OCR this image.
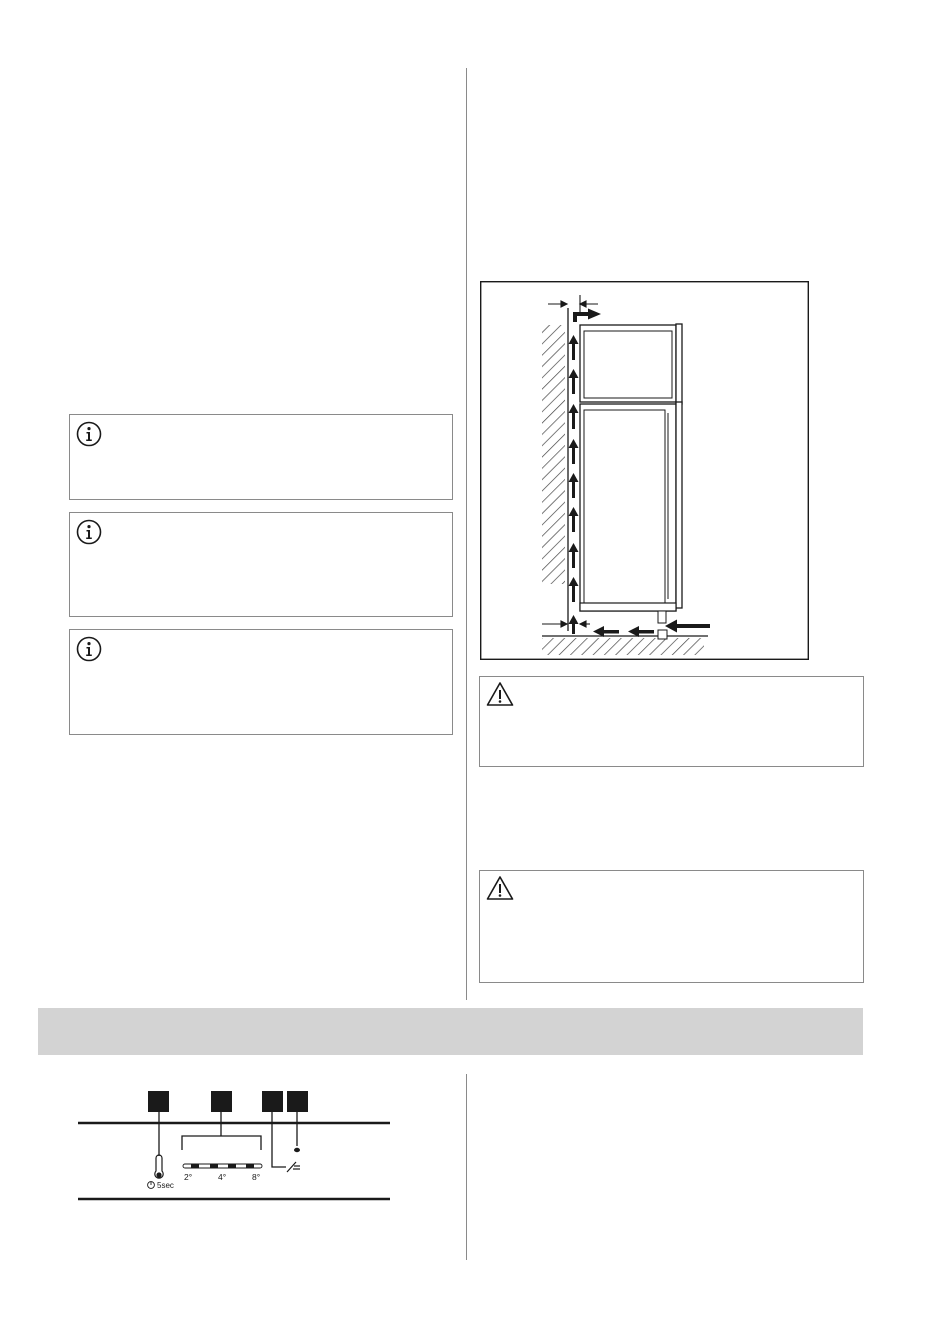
5sec
2°	4°	8°
